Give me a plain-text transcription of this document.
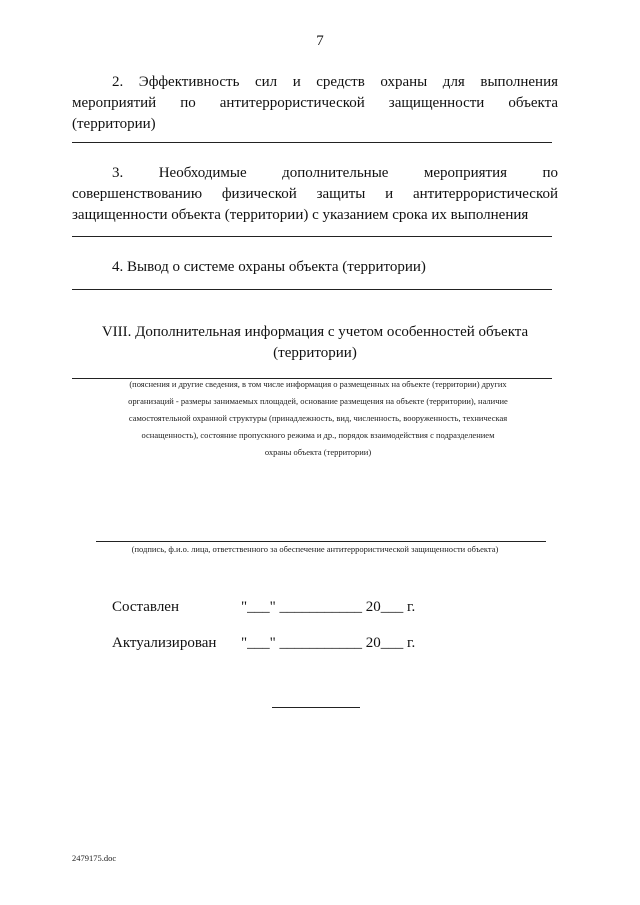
7
2. Эффективность сил и средств охраны для выполнения
мероприятий по антитеррористической защищенности объекта
(территории)
3. Необходимые дополнительные мероприятия по
совершенствованию физической защиты и антитеррористической
защищенности объекта (территории) с указанием срока их выполнения
4. Вывод о системе охраны объекта (территории)
VIII. Дополнительная информация с учетом особенностей объекта
(территории)
(пояснения и другие сведения, в том числе информация о размещенных на объекте (территории) других
организаций - размеры занимаемых площадей, основание размещения на объекте (территории), наличие
самостоятельной охранной структуры (принадлежность, вид, численность, вооруженность, техническая
оснащенность), состояние пропускного режима и др., порядок взаимодействия с подразделением
охраны объекта (территории)
(подпись, ф.и.о. лица, ответственного за обеспечение антитеррористической защищенности объекта)
Составлен	"___" ___________ 20___ г.
Актуализирован "___" ___________ 20___ г.
2479175.doc
